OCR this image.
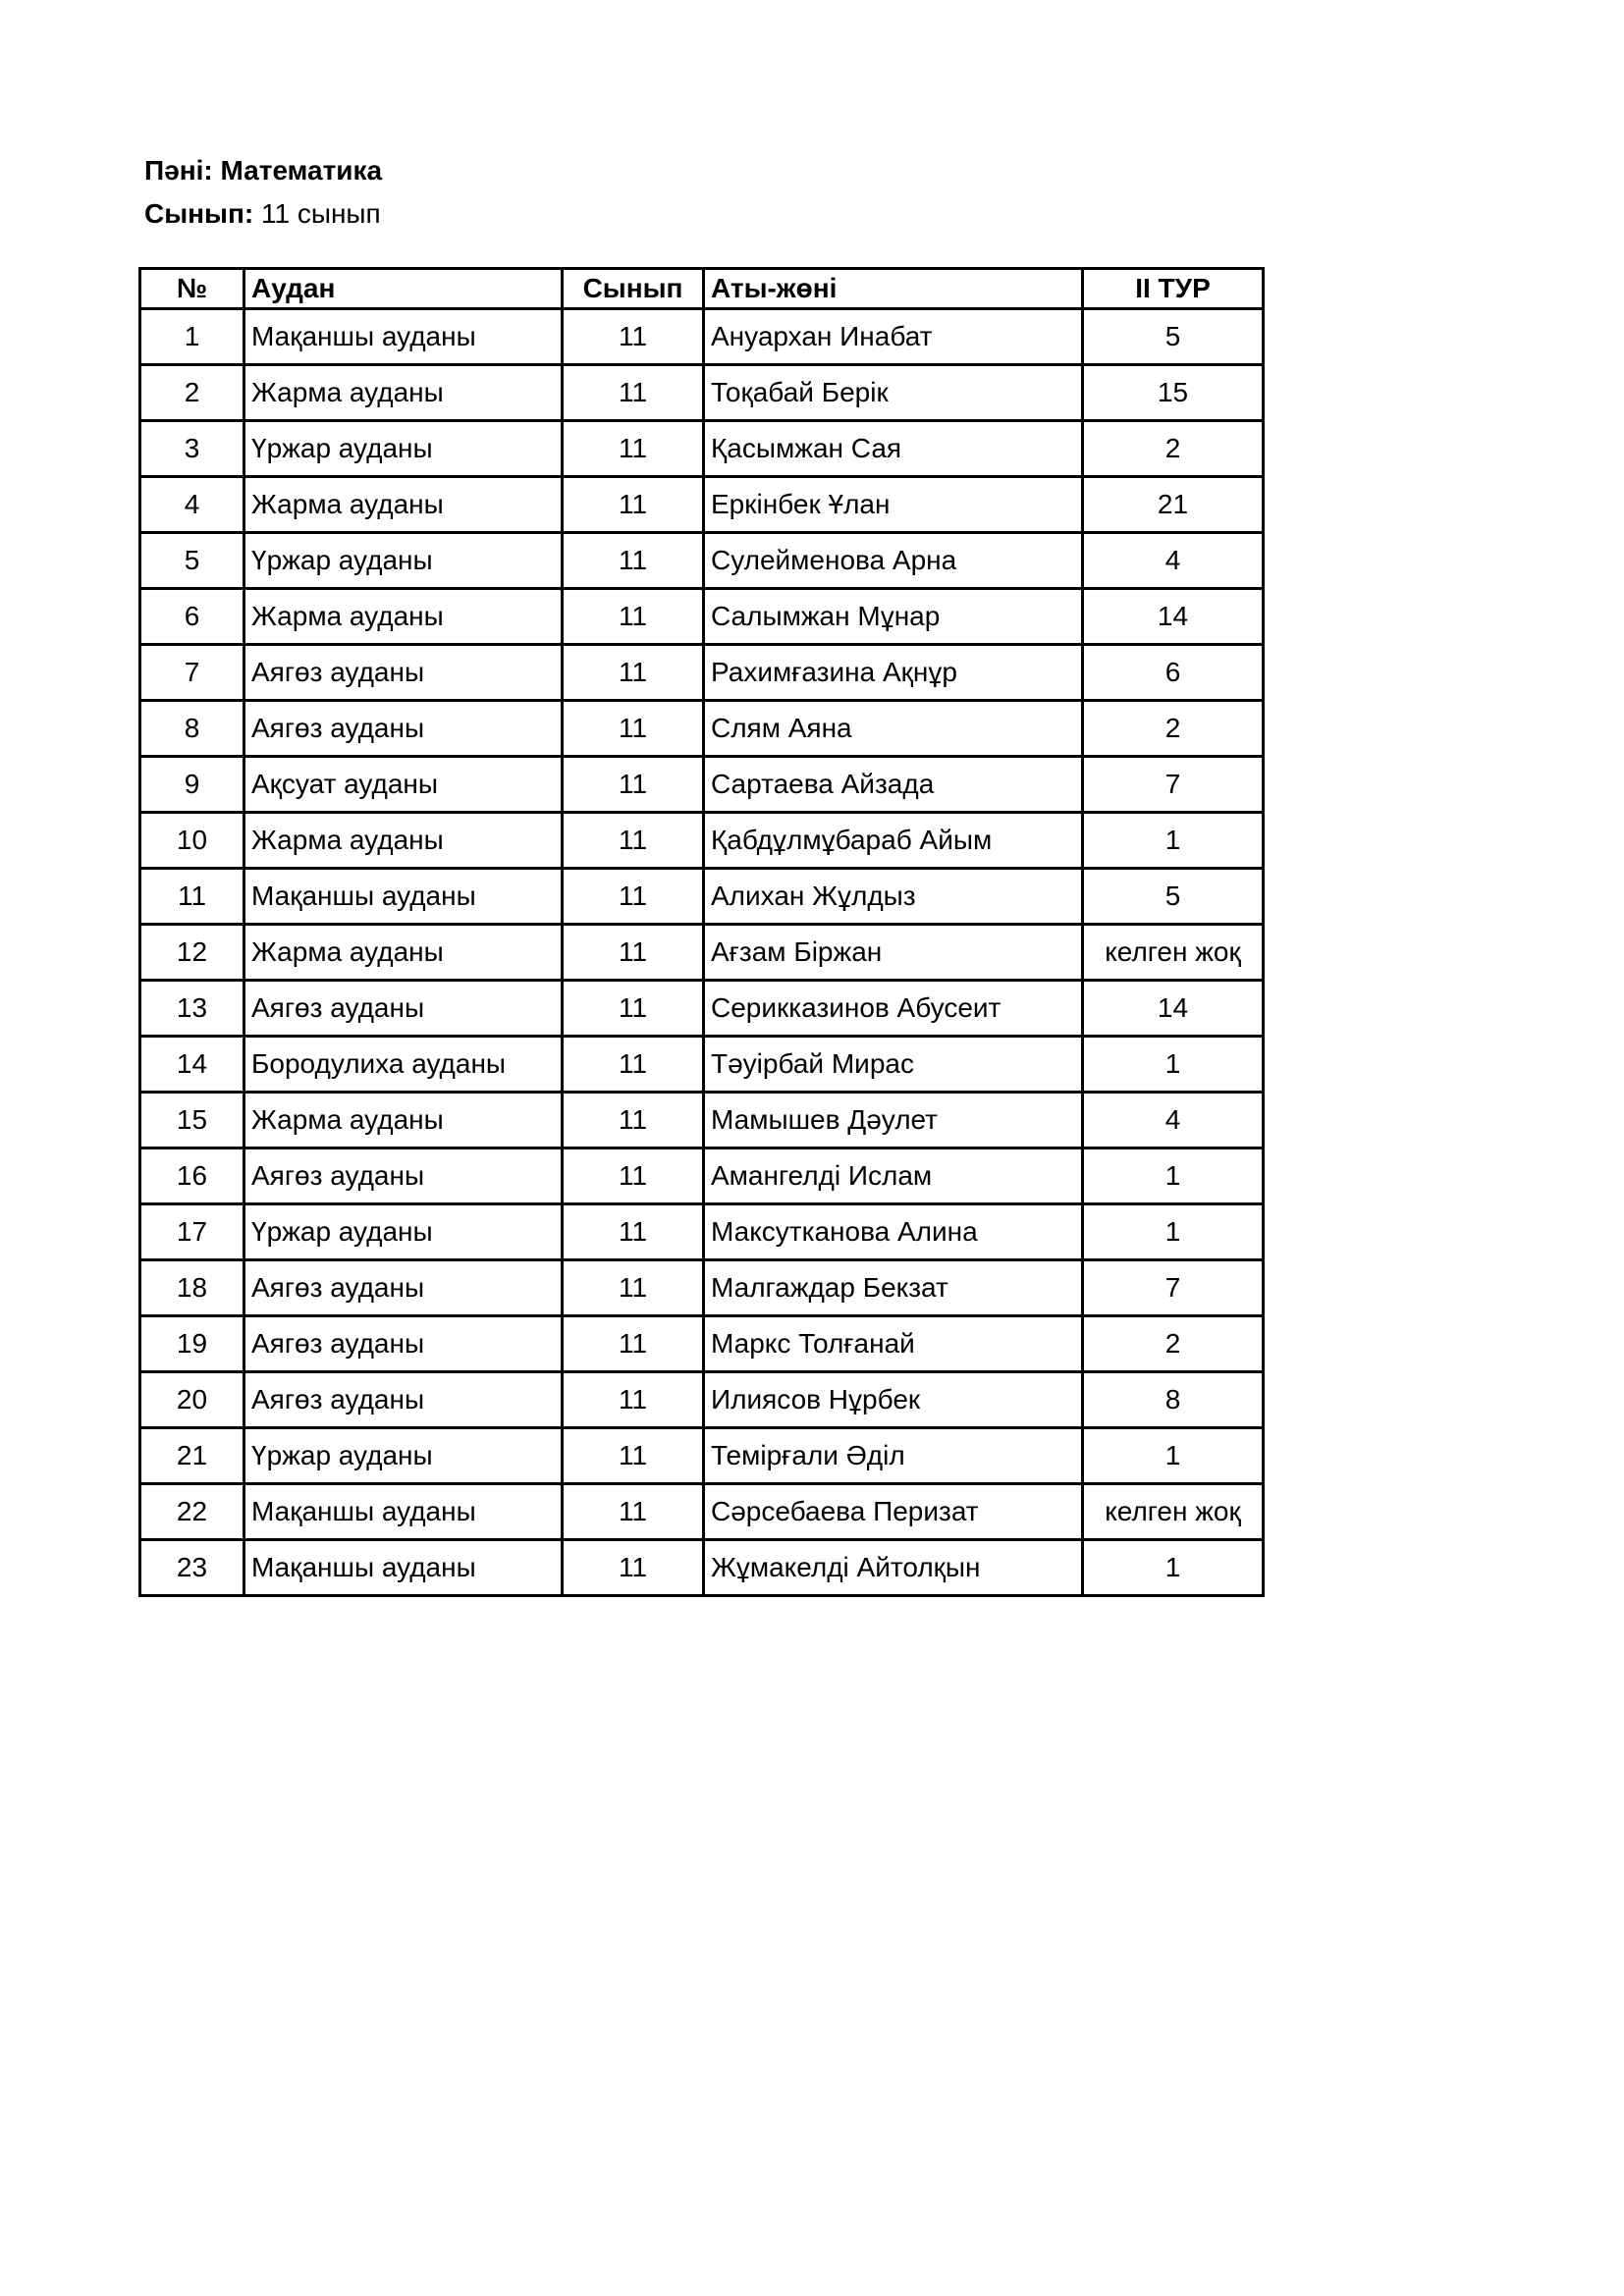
Пәні: Математика
Сынып: 11 сынып
№	Аудан	Сынып	Аты-жөні	II ТУР
1	Мақаншы ауданы	11	Ануархан Инабат	5
2	Жарма ауданы	11	Тоқабай Берік	15
3	Үржар ауданы	11	Қасымжан Сая	2
4	Жарма ауданы	11	Еркінбек Ұлан	21
5	Үржар ауданы	11	Сулейменова Арна	4
6	Жарма ауданы	11	Салымжан Мұнар	14
7	Аягөз ауданы	11	Рахимғазина Ақнұр	6
8	Аягөз ауданы	11	Слям Аяна	2
9	Ақсуат ауданы	11	Сартаева Айзада	7
10	Жарма ауданы	11	Қабдұлмұбараб Айым	1
11	Мақаншы ауданы	11	Алихан Жұлдыз	5
12	Жарма ауданы	11	Ағзам Біржан	келген жоқ
13	Аягөз ауданы	11	Серикказинов Абусеит	14
14	Бородулиха ауданы	11	Тәуірбай Мирас	1
15	Жарма ауданы	11	Мамышев Дәулет	4
16	Аягөз ауданы	11	Амангелді Ислам	1
17	Үржар ауданы	11	Максутканова Алина	1
18	Аягөз ауданы	11	Малгаждар Бекзат	7
19	Аягөз ауданы	11	Маркс Толғанай	2
20	Аягөз ауданы	11	Илиясов Нұрбек	8
21	Үржар ауданы	11	Темірғали Әділ	1
22	Мақаншы ауданы	11	Сәрсебаева Перизат	келген жоқ
23	Мақаншы ауданы	11	Жұмакелді Айтолқын	1
